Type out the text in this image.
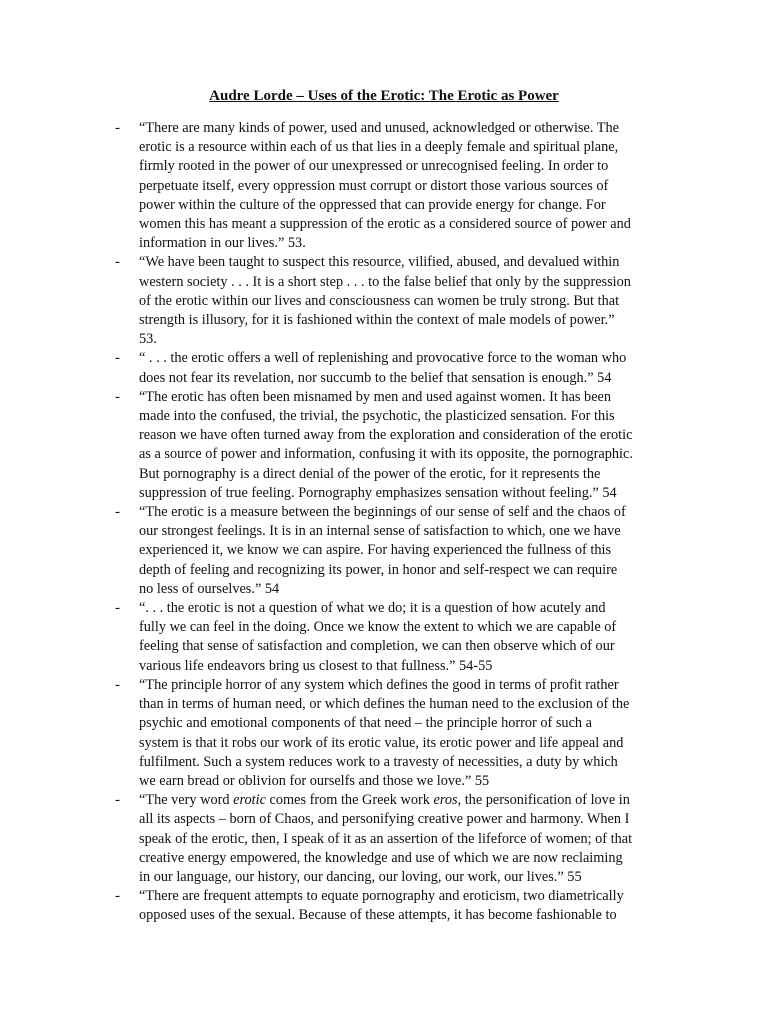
Audre Lorde – Uses of the Erotic: The Erotic as Power
- “There are many kinds of power, used and unused, acknowledged or otherwise. The
erotic is a resource within each of us that lies in a deeply female and spiritual plane,
firmly rooted in the power of our unexpressed or unrecognised feeling. In order to
perpetuate itself, every oppression must corrupt or distort those various sources of
power within the culture of the oppressed that can provide energy for change. For
women this has meant a suppression of the erotic as a considered source of power and
information in our lives.” 53.
- “We have been taught to suspect this resource, vilified, abused, and devalued within
western society . . . It is a short step . . . to the false belief that only by the suppression
of the erotic within our lives and consciousness can women be truly strong. But that
strength is illusory, for it is fashioned within the context of male models of power.”
53.
- “ . . . the erotic offers a well of replenishing and provocative force to the woman who
does not fear its revelation, nor succumb to the belief that sensation is enough.” 54
- “The erotic has often been misnamed by men and used against women. It has been
made into the confused, the trivial, the psychotic, the plasticized sensation. For this
reason we have often turned away from the exploration and consideration of the erotic
as a source of power and information, confusing it with its opposite, the pornographic.
But pornography is a direct denial of the power of the erotic, for it represents the
suppression of true feeling. Pornography emphasizes sensation without feeling.” 54
- “The erotic is a measure between the beginnings of our sense of self and the chaos of
our strongest feelings. It is in an internal sense of satisfaction to which, one we have
experienced it, we know we can aspire. For having experienced the fullness of this
depth of feeling and recognizing its power, in honor and self-respect we can require
no less of ourselves.” 54
- “. . . the erotic is not a question of what we do; it is a question of how acutely and
fully we can feel in the doing. Once we know the extent to which we are capable of
feeling that sense of satisfaction and completion, we can then observe which of our
various life endeavors bring us closest to that fullness.” 54-55
- “The principle horror of any system which defines the good in terms of profit rather
than in terms of human need, or which defines the human need to the exclusion of the
psychic and emotional components of that need – the principle horror of such a
system is that it robs our work of its erotic value, its erotic power and life appeal and
fulfilment. Such a system reduces work to a travesty of necessities, a duty by which
we earn bread or oblivion for ourselfs and those we love.” 55
- “The very word erotic comes from the Greek work eros, the personification of love in
all its aspects – born of Chaos, and personifying creative power and harmony. When I
speak of the erotic, then, I speak of it as an assertion of the lifeforce of women; of that
creative energy empowered, the knowledge and use of which we are now reclaiming
in our language, our history, our dancing, our loving, our work, our lives.” 55
- “There are frequent attempts to equate pornography and eroticism, two diametrically
opposed uses of the sexual. Because of these attempts, it has become fashionable to
